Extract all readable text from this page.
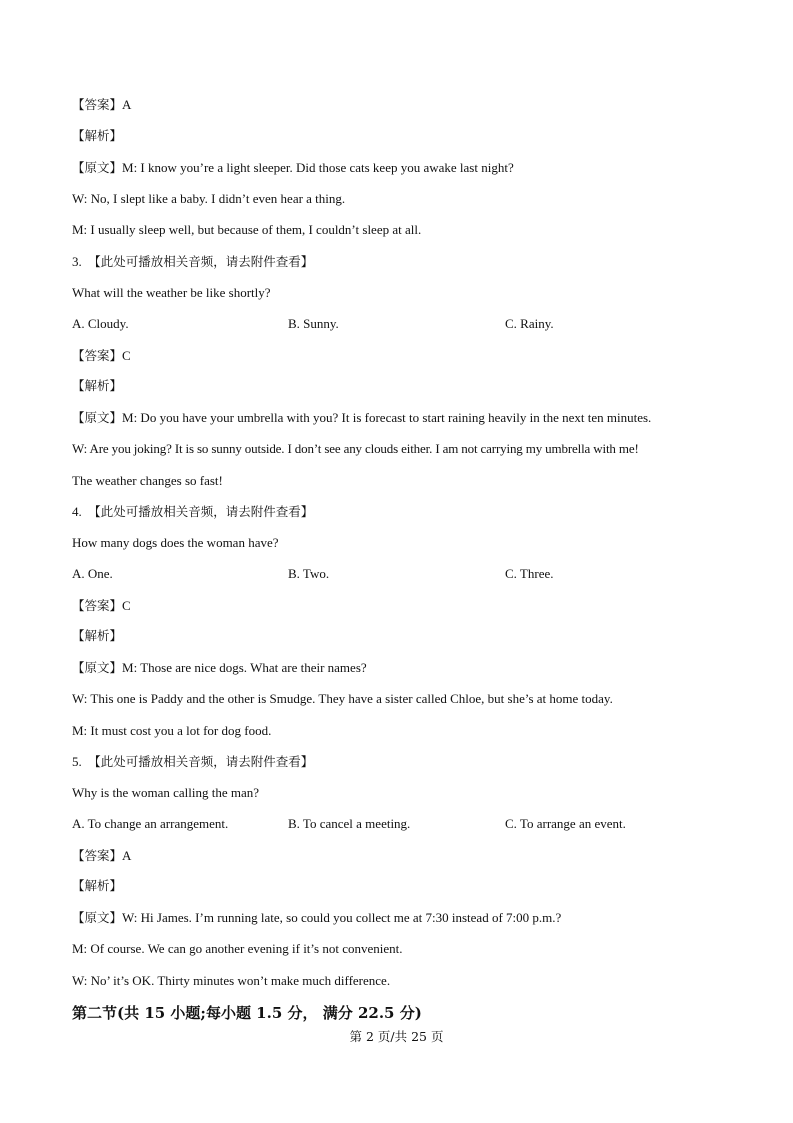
【答案】A
【解析】
【原文】M: I know you’re a light sleeper. Did those cats keep you awake last night?
W: No, I slept like a baby. I didn’t even hear a thing.
M: I usually sleep well, but because of them, I couldn’t sleep at all.
3. 【此处可播放相关音频，请去附件查看】
What will the weather be like shortly?
A. Cloudy.	B. Sunny.	C. Rainy.
【答案】C
【解析】
【原文】M: Do you have your umbrella with you? It is forecast to start raining heavily in the next ten minutes.
W: Are you joking? It is so sunny outside. I don’t see any clouds either. I am not carrying my umbrella with me!
The weather changes so fast!
4. 【此处可播放相关音频，请去附件查看】
How many dogs does the woman have?
A. One.	B. Two.	C. Three.
【答案】C
【解析】
【原文】M: Those are nice dogs. What are their names?
W: This one is Paddy and the other is Smudge. They have a sister called Chloe, but she’s at home today.
M: It must cost you a lot for dog food.
5. 【此处可播放相关音频，请去附件查看】
Why is the woman calling the man?
A. To change an arrangement.	B. To cancel a meeting.	C. To arrange an event.
【答案】A
【解析】
【原文】W: Hi James. I’m running late, so could you collect me at 7:30 instead of 7:00 p.m.?
M: Of course. We can go another evening if it’s not convenient.
W: No’ it’s OK. Thirty minutes won’t make much difference.
第二节(共 15 小题;每小题 1.5 分， 满分 22.5 分)
第 2 页/共 25 页
